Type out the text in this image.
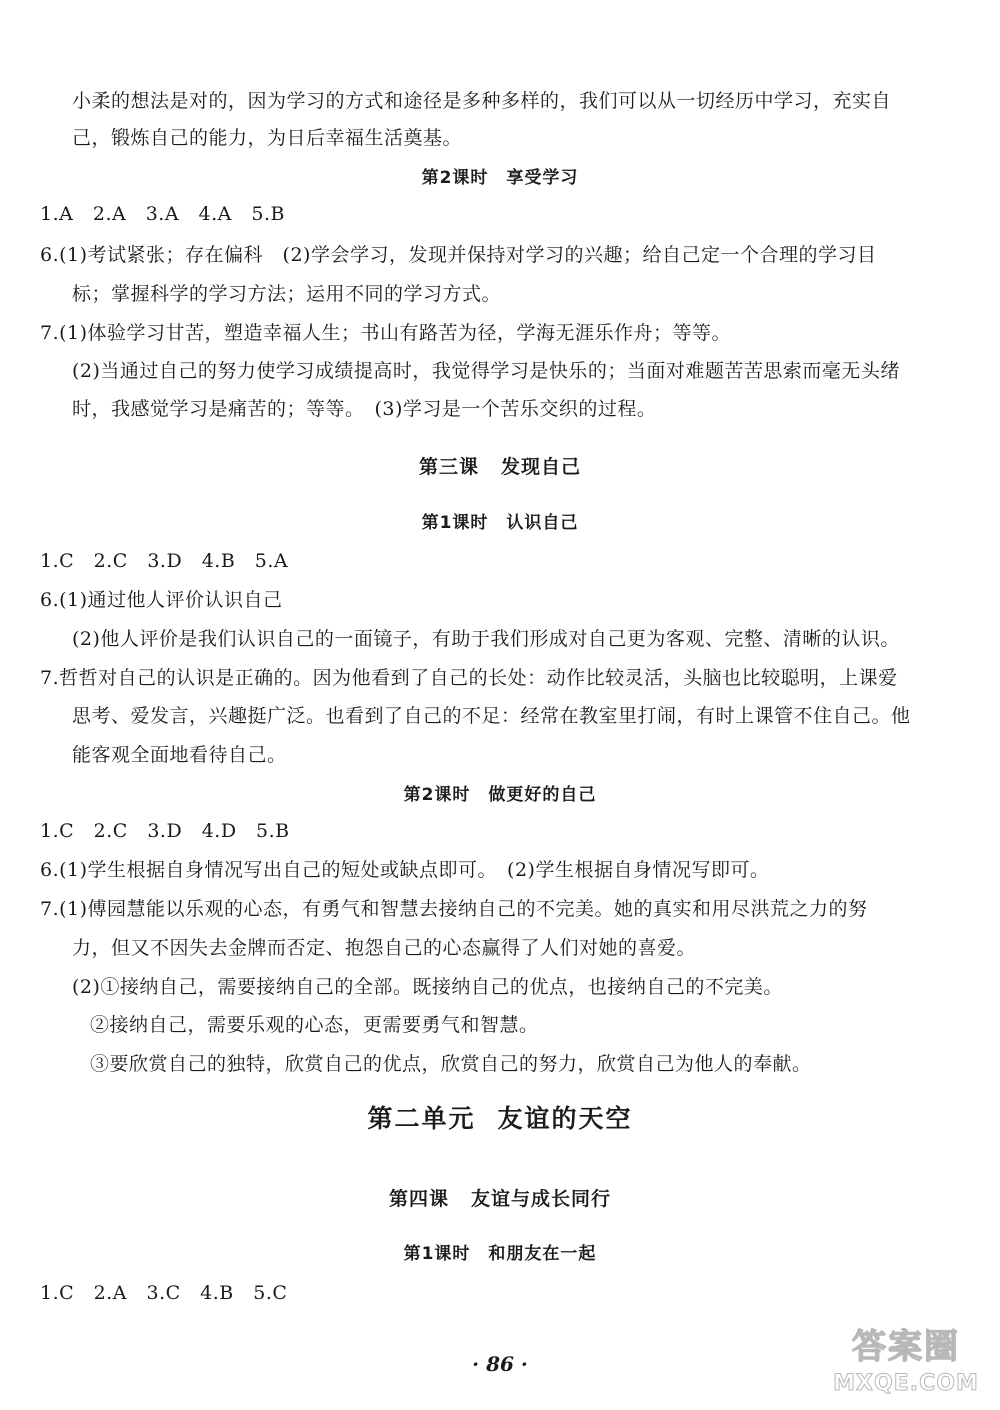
小柔的想法是对的，因为学习的方式和途径是多种多样的，我们可以从一切经历中学习，充实自
己，锻炼自己的能力，为日后幸福生活奠基。
第2课时 享受学习
1.A　2.A　3.A　4.A　5.B
6.(1)考试紧张；存在偏科　(2)学会学习，发现并保持对学习的兴趣；给自己定一个合理的学习目
标；掌握科学的学习方法；运用不同的学习方式。
7.(1)体验学习甘苦，塑造幸福人生；书山有路苦为径，学海无涯乐作舟；等等。
(2)当通过自己的努力使学习成绩提高时，我觉得学习是快乐的；当面对难题苦苦思索而毫无头绪
时，我感觉学习是痛苦的；等等。　(3)学习是一个苦乐交织的过程。
第三课 发现自己
第1课时 认识自己
1.C　2.C　3.D　4.B　5.A
6.(1)通过他人评价认识自己
(2)他人评价是我们认识自己的一面镜子，有助于我们形成对自己更为客观、完整、清晰的认识。
7.哲哲对自己的认识是正确的。因为他看到了自己的长处：动作比较灵活，头脑也比较聪明，上课爱
思考、爱发言，兴趣挺广泛。也看到了自己的不足：经常在教室里打闹，有时上课管不住自己。他
能客观全面地看待自己。
第2课时 做更好的自己
1.C　2.C　3.D　4.D　5.B
6.(1)学生根据自身情况写出自己的短处或缺点即可。　(2)学生根据自身情况写即可。
7.(1)傅园慧能以乐观的心态，有勇气和智慧去接纳自己的不完美。她的真实和用尽洪荒之力的努
力，但又不因失去金牌而否定、抱怨自己的心态赢得了人们对她的喜爱。
(2)①接纳自己，需要接纳自己的全部。既接纳自己的优点，也接纳自己的不完美。
②接纳自己，需要乐观的心态，更需要勇气和智慧。
③要欣赏自己的独特，欣赏自己的优点，欣赏自己的努力，欣赏自己为他人的奉献。
第二单元 友谊的天空
第四课 友谊与成长同行
第1课时 和朋友在一起
1.C　2.A　3.C　4.B　5.C
· 86 ·	答案圈
MXQE.COM
